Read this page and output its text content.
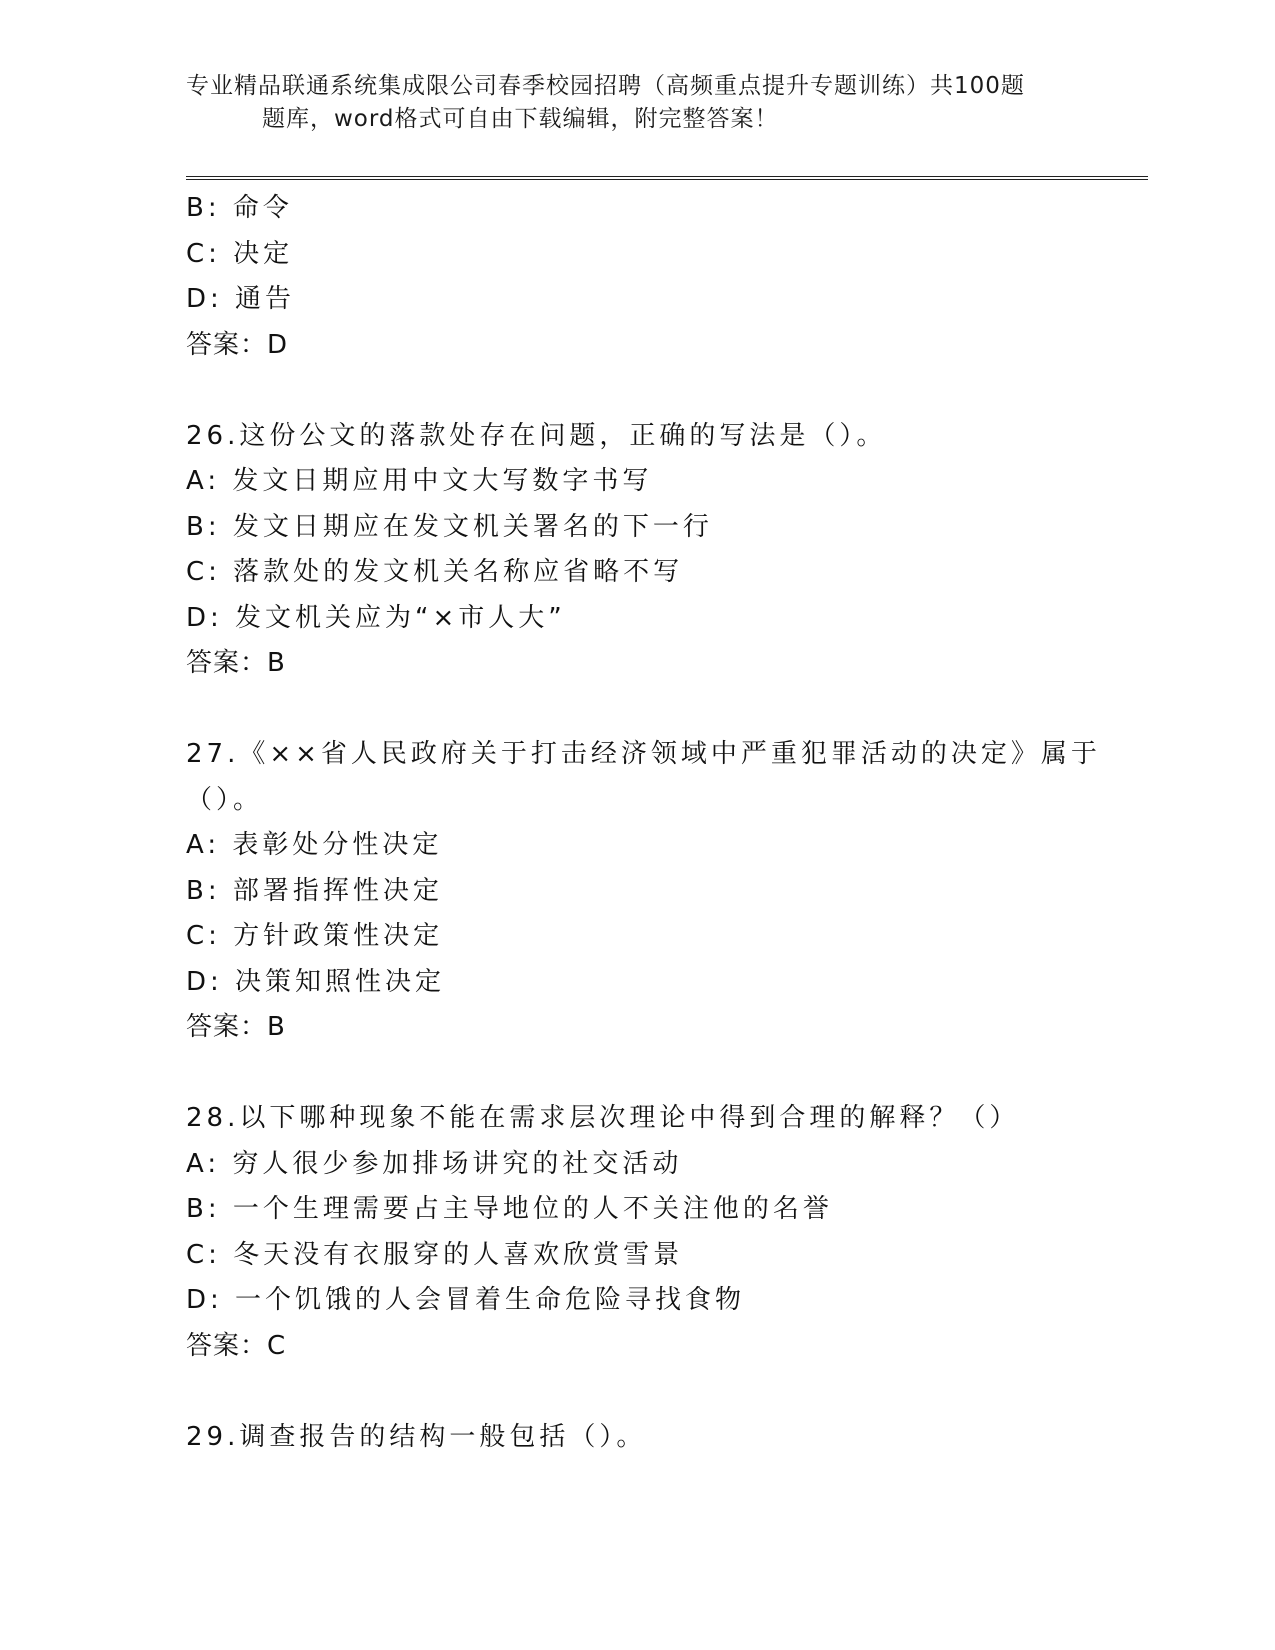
专业精品联通系统集成限公司春季校园招聘（高频重点提升专题训练）共100题
题库，word格式可自由下载编辑，附完整答案！
B: 命令
C: 决定
D: 通告
答案：D
26.这份公文的落款处存在问题，正确的写法是（）。
A: 发文日期应用中文大写数字书写
B: 发文日期应在发文机关署名的下一行
C: 落款处的发文机关名称应省略不写
D: 发文机关应为“×市人大”
答案：B
27.《××省人民政府关于打击经济领域中严重犯罪活动的决定》属于
（）。
A: 表彰处分性决定
B: 部署指挥性决定
C: 方针政策性决定
D: 决策知照性决定
答案：B
28.以下哪种现象不能在需求层次理论中得到合理的解释？（）
A: 穷人很少参加排场讲究的社交活动
B: 一个生理需要占主导地位的人不关注他的名誉
C: 冬天没有衣服穿的人喜欢欣赏雪景
D: 一个饥饿的人会冒着生命危险寻找食物
答案：C
29.调查报告的结构一般包括（）。
